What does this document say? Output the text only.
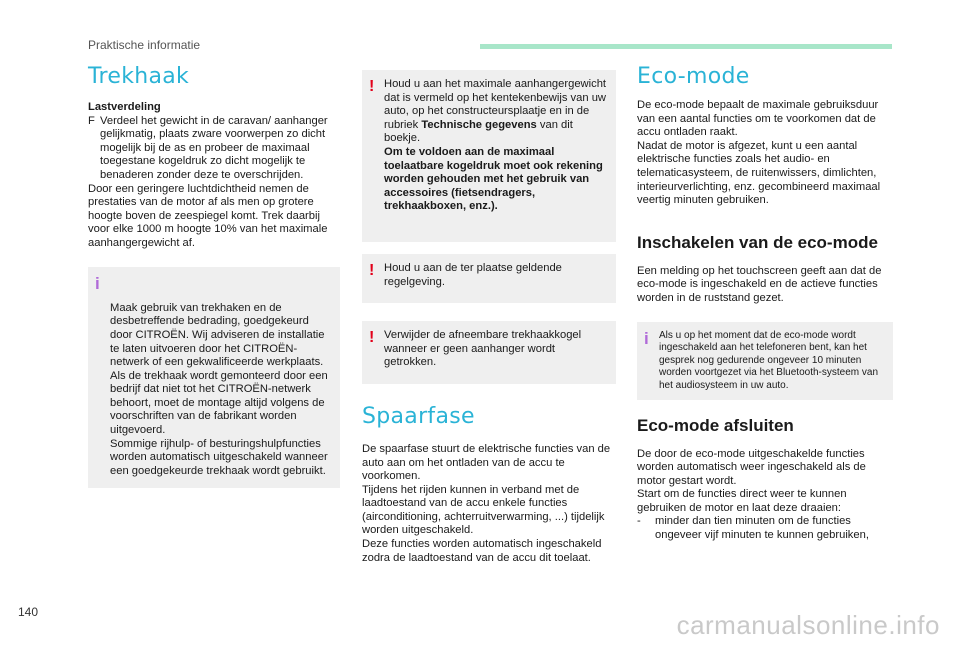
Praktische informatie
Trekhaak
Lastverdeling
F Verdeel het gewicht in de caravan/ aanhanger gelijkmatig, plaats zware voorwerpen zo dicht mogelijk bij de as en probeer de maximaal toegestane kogeldruk zo dicht mogelijk te benaderen zonder deze te overschrijden.
Door een geringere luchtdichtheid nemen de prestaties van de motor af als men op grotere hoogte boven de zeespiegel komt. Trek daarbij voor elke 1000 m hoogte 10% van het maximale aanhangergewicht af.

i

Maak gebruik van trekhaken en de desbetreffende bedrading, goedgekeurd door CITROËN. Wij adviseren de installatie te laten uitvoeren door het CITROËN-netwerk of een gekwalificeerde werkplaats.
Als de trekhaak wordt gemonteerd door een bedrijf dat niet tot het CITROËN-netwerk behoort, moet de montage altijd volgens de voorschriften van de fabrikant worden uitgevoerd.
Sommige rijhulp- of besturingshulpfuncties worden automatisch uitgeschakeld wanneer een goedgekeurde trekhaak wordt gebruikt.

! Houd u aan het maximale aanhangergewicht dat is vermeld op het kentekenbewijs van uw auto, op het constructeursplaatje en in de rubriek Technische gegevens van dit boekje.
Om te voldoen aan de maximaal toelaatbare kogeldruk moet ook rekening worden gehouden met het gebruik van accessoires (fietsendragers, trekhaakboxen, enz.).
! Houd u aan de ter plaatse geldende regelgeving.
! Verwijder de afneembare trekhaakkogel wanneer er geen aanhanger wordt getrokken.
Spaarfase
De spaarfase stuurt de elektrische functies van de auto aan om het ontladen van de accu te voorkomen.
Tijdens het rijden kunnen in verband met de laadtoestand van de accu enkele functies (airconditioning, achterruitverwarming, ...) tijdelijk worden uitgeschakeld.
Deze functies worden automatisch ingeschakeld zodra de laadtoestand van de accu dit toelaat.
Eco-mode
De eco-mode bepaalt de maximale gebruiksduur van een aantal functies om te voorkomen dat de accu ontladen raakt.
Nadat de motor is afgezet, kunt u een aantal elektrische functies zoals het audio- en telematicasysteem, de ruitenwissers, dimlichten, interieurverlichting, enz. gecombineerd maximaal veertig minuten gebruiken.
Inschakelen van de eco-mode
Een melding op het touchscreen geeft aan dat de eco-mode is ingeschakeld en de actieve functies worden in de ruststand gezet.
i Als u op het moment dat de eco-mode wordt ingeschakeld aan het telefoneren bent, kan het gesprek nog gedurende ongeveer 10 minuten worden voortgezet via het Bluetooth-systeem van het audiosysteem in uw auto.
Eco-mode afsluiten
De door de eco-mode uitgeschakelde functies worden automatisch weer ingeschakeld als de motor gestart wordt.
Start om de functies direct weer te kunnen gebruiken de motor en laat deze draaien:
-	minder dan tien minuten om de functies ongeveer vijf minuten te kunnen gebruiken,
140	carmanualsonline.info
